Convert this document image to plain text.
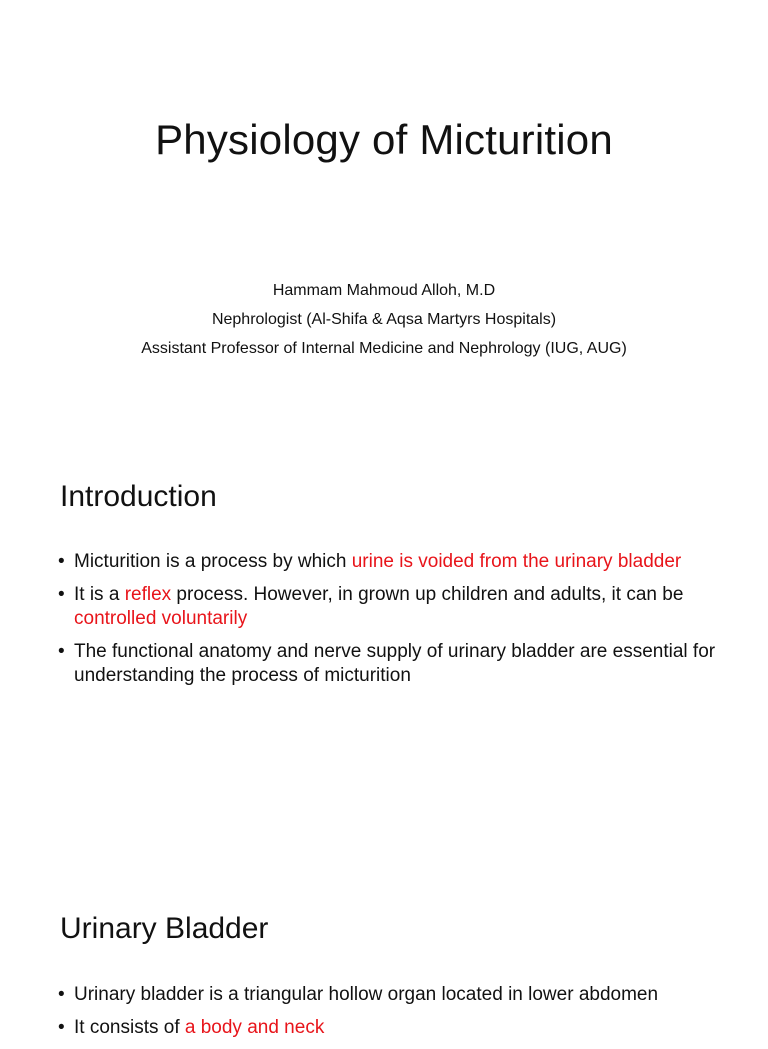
Physiology of Micturition
Hammam Mahmoud Alloh, M.D
Nephrologist (Al-Shifa & Aqsa Martyrs Hospitals)
Assistant Professor of Internal Medicine and Nephrology (IUG, AUG)
Introduction
• Micturition is a process by which urine is voided from the urinary bladder
• It is a reflex process. However, in grown up children and adults, it can be controlled voluntarily
• The functional anatomy and nerve supply of urinary bladder are essential for understanding the process of micturition
Urinary Bladder
• Urinary bladder is a triangular hollow organ located in lower abdomen
• It consists of a body and neck
